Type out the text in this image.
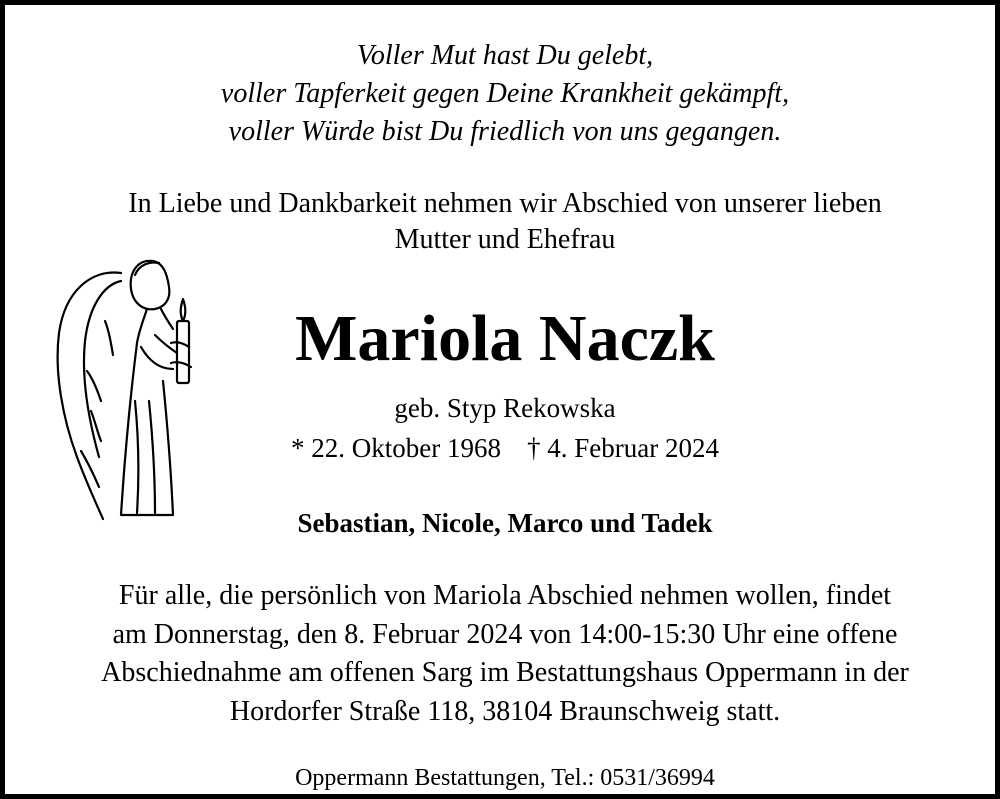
Voller Mut hast Du gelebt,
voller Tapferkeit gegen Deine Krankheit gekämpft,
voller Würde bist Du friedlich von uns gegangen.
In Liebe und Dankbarkeit nehmen wir Abschied von unserer lieben
Mutter und Ehefrau
Mariola Naczk
geb. Styp Rekowska
* 22. Oktober 1968 † 4. Februar 2024
Sebastian, Nicole, Marco und Tadek
Für alle, die persönlich von Mariola Abschied nehmen wollen, findet
am Donnerstag, den 8. Februar 2024 von 14:00-15:30 Uhr eine offene
Abschiednahme am offenen Sarg im Bestattungshaus Oppermann in der
Hordorfer Straße 118, 38104 Braunschweig statt.
Oppermann Bestattungen, Tel.: 0531/36994
